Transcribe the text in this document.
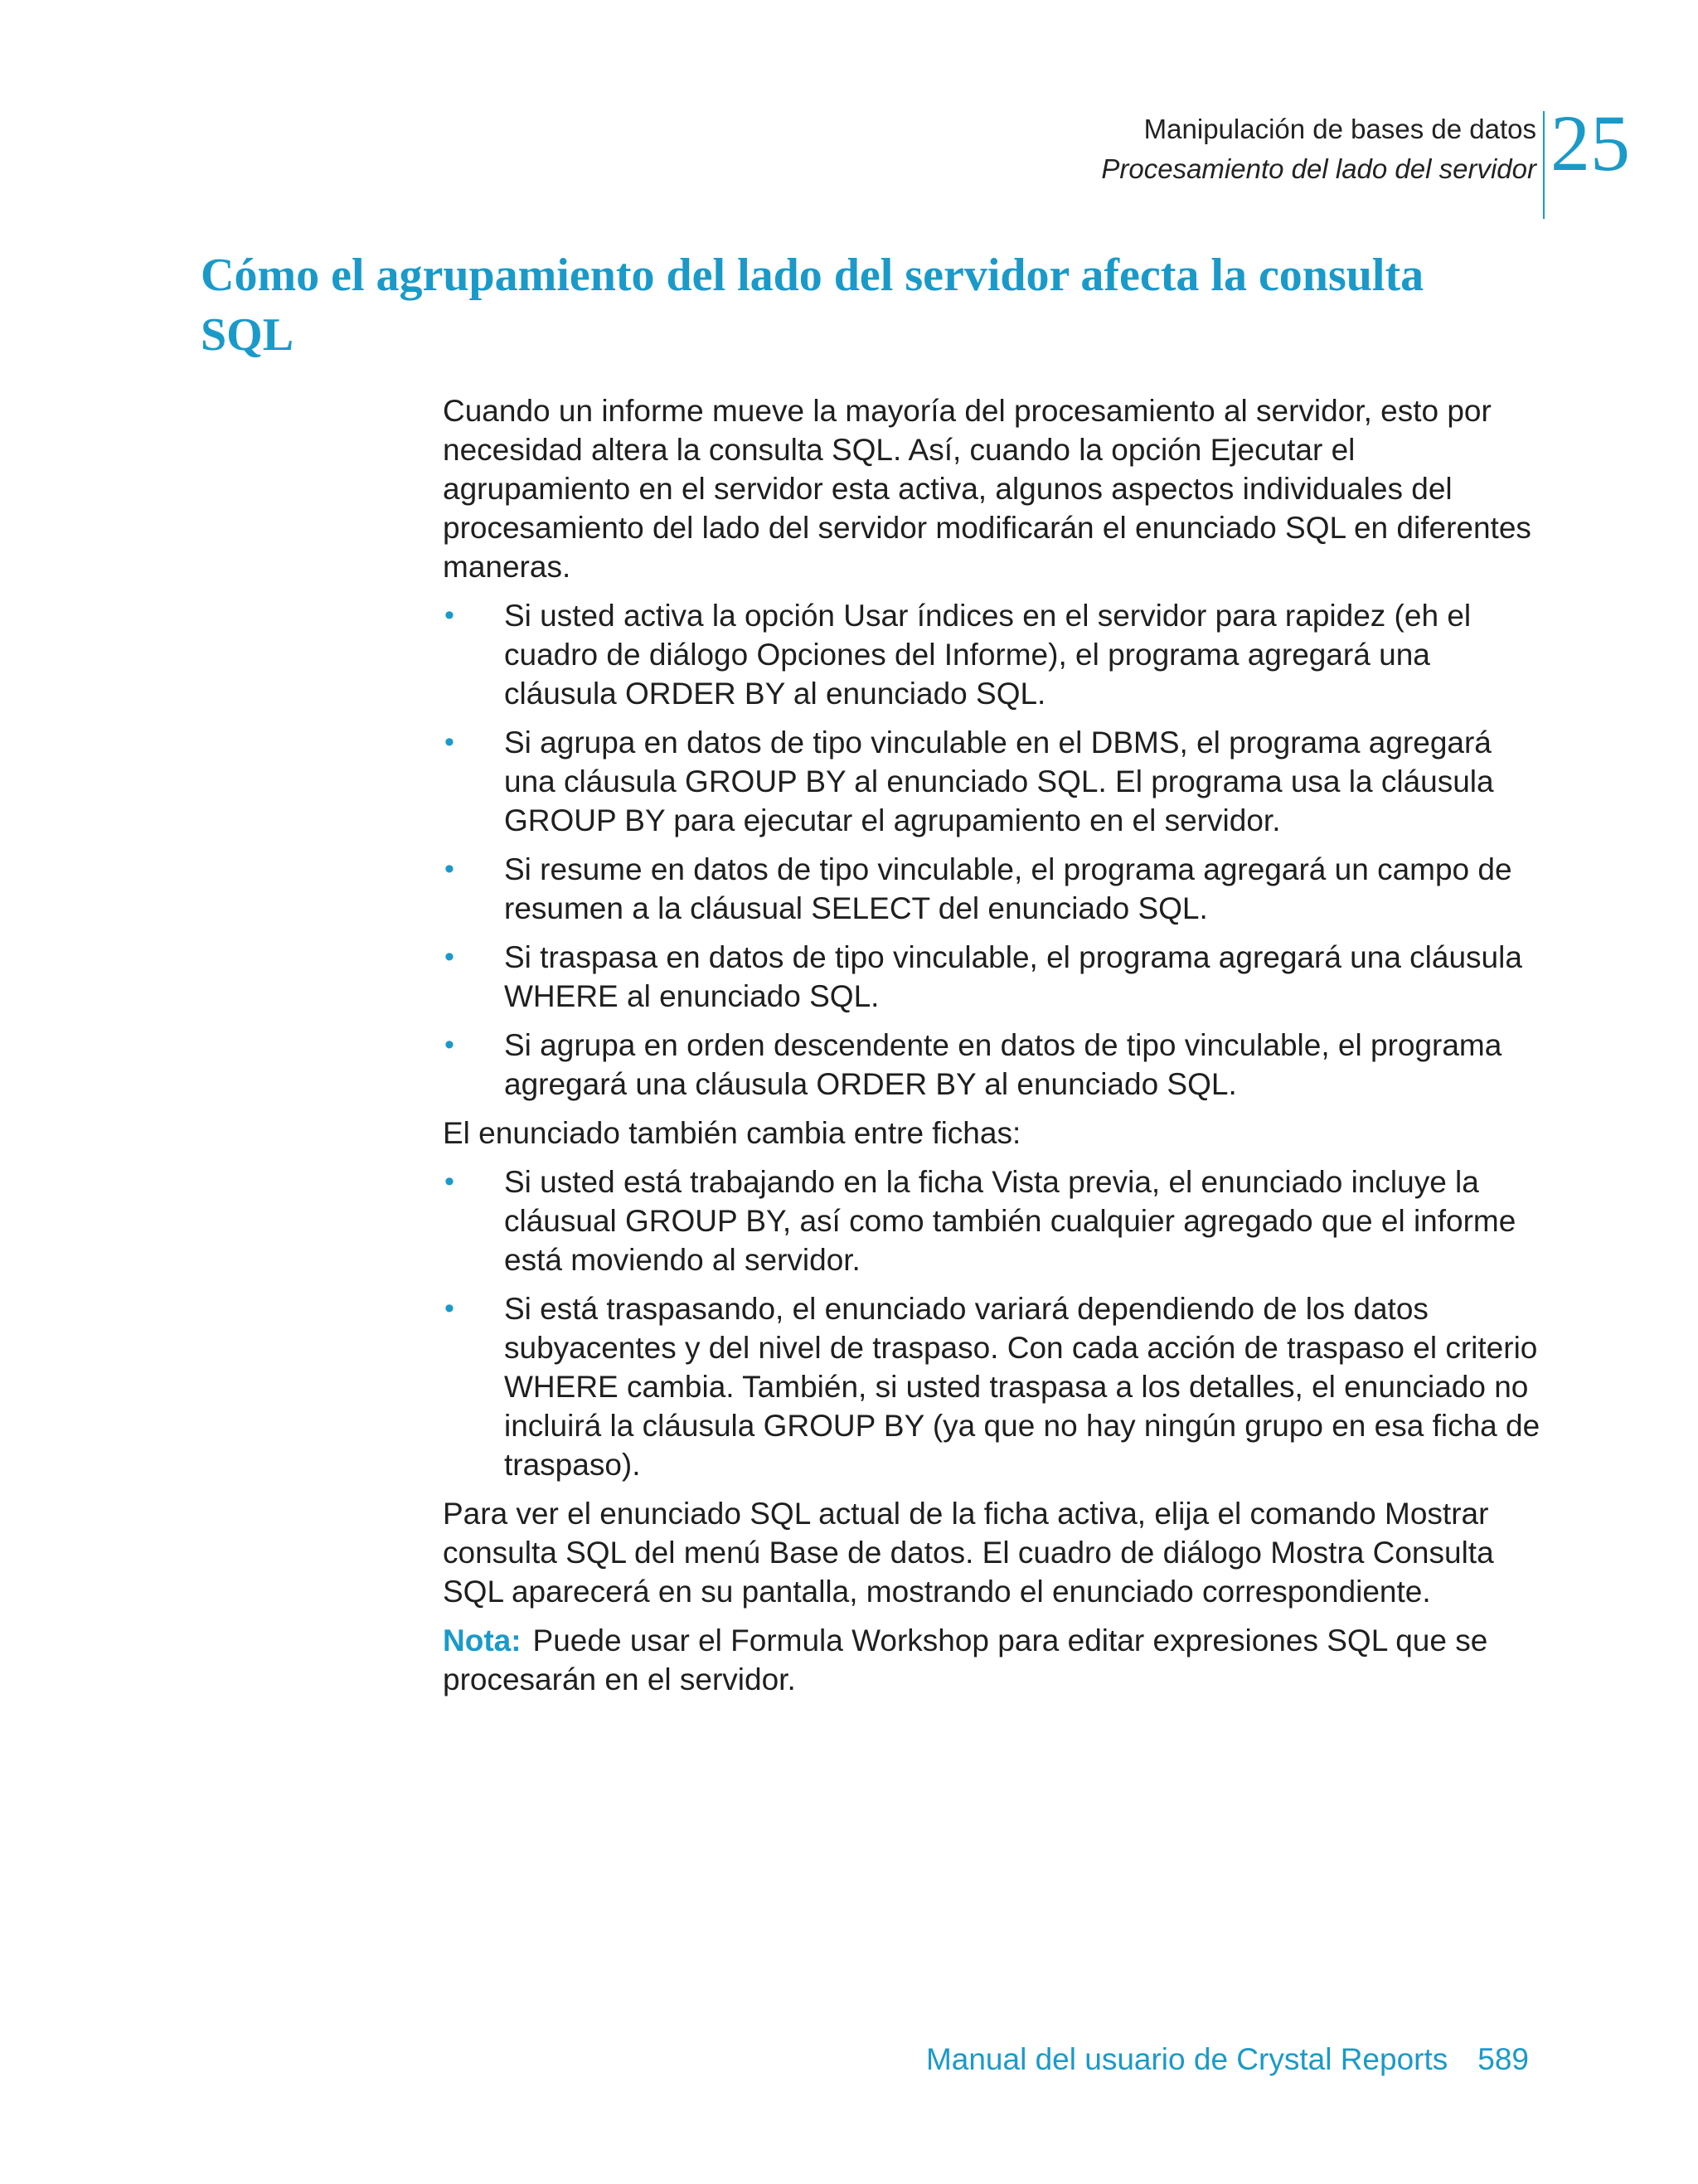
Manipulación de bases de datos
Procesamiento del lado del servidor 25
Cómo el agrupamiento del lado del servidor afecta la consulta SQL

Cuando un informe mueve la mayoría del procesamiento al servidor, esto por necesidad altera la consulta SQL. Así, cuando la opción Ejecutar el agrupamiento en el servidor esta activa, algunos aspectos individuales del procesamiento del lado del servidor modificarán el enunciado SQL en diferentes maneras.

• Si usted activa la opción Usar índices en el servidor para rapidez (eh el cuadro de diálogo Opciones del Informe), el programa agregará una cláusula ORDER BY al enunciado SQL.
• Si agrupa en datos de tipo vinculable en el DBMS, el programa agregará una cláusula GROUP BY al enunciado SQL. El programa usa la cláusula GROUP BY para ejecutar el agrupamiento en el servidor.
• Si resume en datos de tipo vinculable, el programa agregará un campo de resumen a la cláusual SELECT del enunciado SQL.
• Si traspasa en datos de tipo vinculable, el programa agregará una cláusula WHERE al enunciado SQL.
• Si agrupa en orden descendente en datos de tipo vinculable, el programa agregará una cláusula ORDER BY al enunciado SQL.

El enunciado también cambia entre fichas:

• Si usted está trabajando en la ficha Vista previa, el enunciado incluye la cláusual GROUP BY, así como también cualquier agregado que el informe está moviendo al servidor.
• Si está traspasando, el enunciado variará dependiendo de los datos subyacentes y del nivel de traspaso. Con cada acción de traspaso el criterio WHERE cambia. También, si usted traspasa a los detalles, el enunciado no incluirá la cláusula GROUP BY (ya que no hay ningún grupo en esa ficha de traspaso).

Para ver el enunciado SQL actual de la ficha activa, elija el comando Mostrar consulta SQL del menú Base de datos. El cuadro de diálogo Mostra Consulta SQL aparecerá en su pantalla, mostrando el enunciado correspondiente.

Nota: Puede usar el Formula Workshop para editar expresiones SQL que se procesarán en el servidor.

Manual del usuario de Crystal Reports 589
